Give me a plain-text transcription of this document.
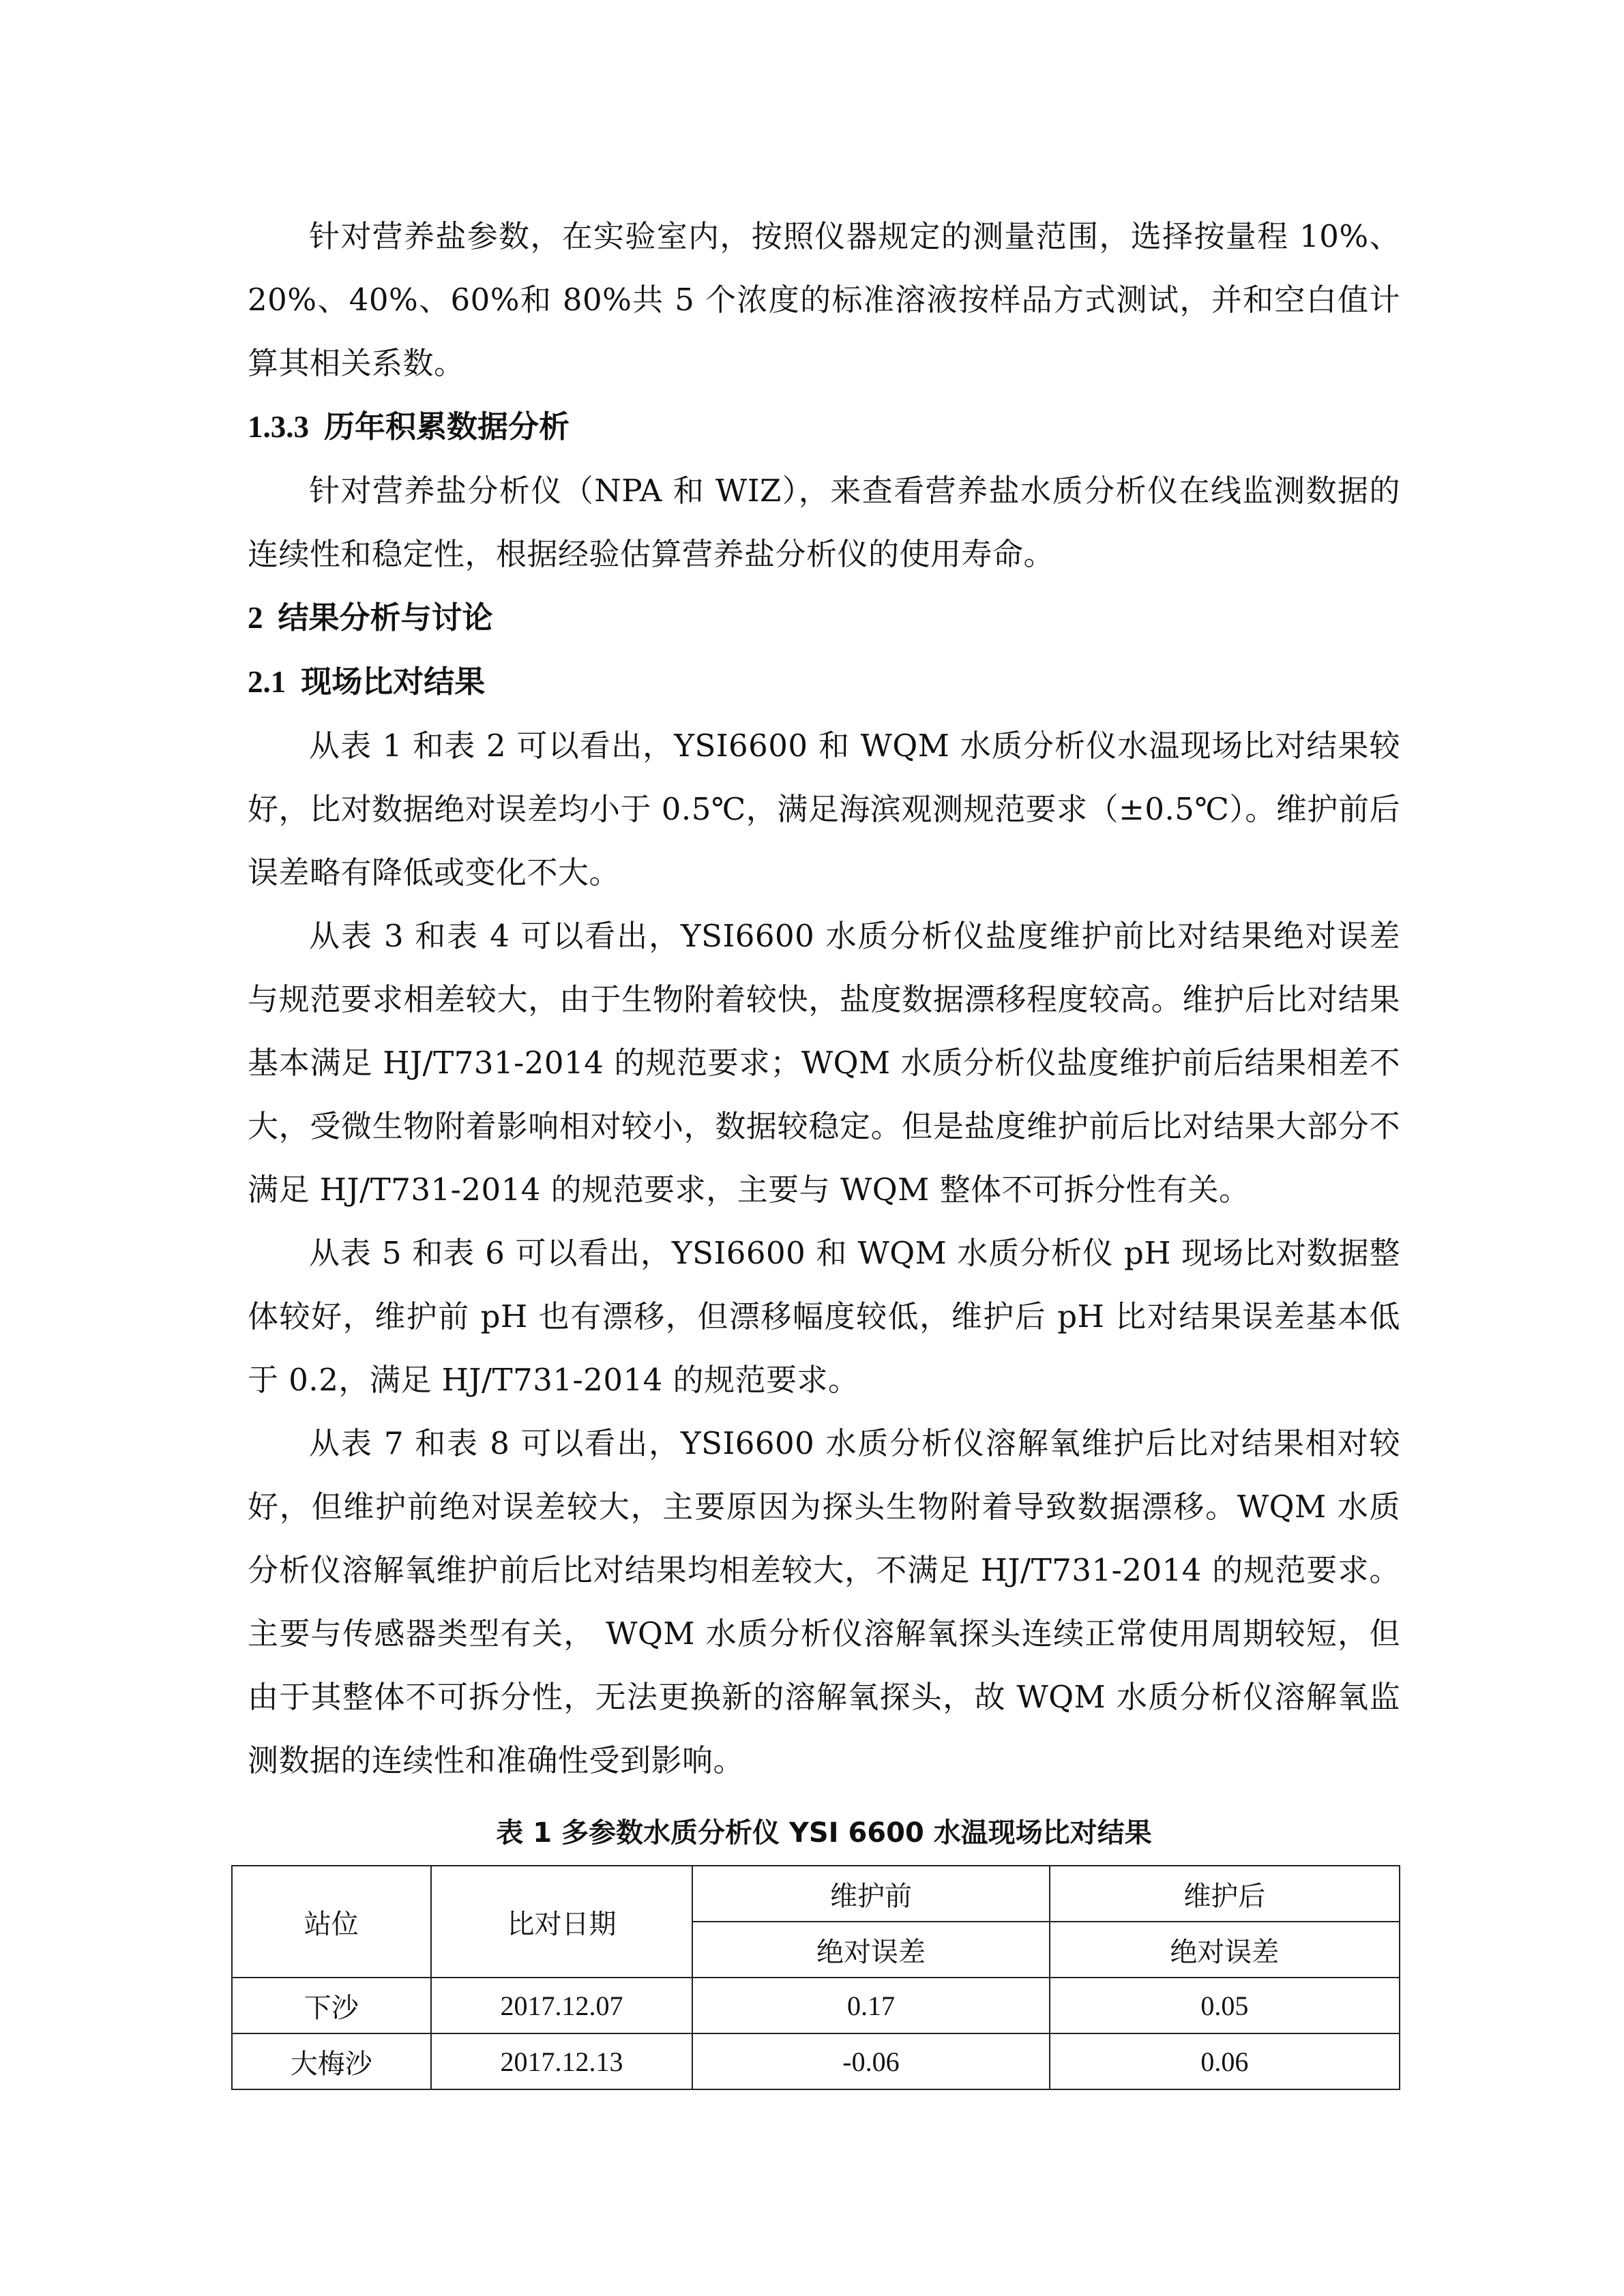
针对营养盐参数，在实验室内，按照仪器规定的测量范围，选择按量程 10%、20%、40%、60%和 80%共 5 个浓度的标准溶液按样品方式测试，并和空白值计算其相关系数。

1.3.3 历年积累数据分析

针对营养盐分析仪（NPA 和 WIZ），来查看营养盐水质分析仪在线监测数据的连续性和稳定性，根据经验估算营养盐分析仪的使用寿命。

2 结果分析与讨论
2.1 现场比对结果

从表 1 和表 2 可以看出，YSI6600 和 WQM 水质分析仪水温现场比对结果较好，比对数据绝对误差均小于 0.5℃，满足海滨观测规范要求（±0.5℃）。维护前后误差略有降低或变化不大。

从表 3 和表 4 可以看出，YSI6600 水质分析仪盐度维护前比对结果绝对误差与规范要求相差较大，由于生物附着较快，盐度数据漂移程度较高。维护后比对结果基本满足 HJ/T731-2014 的规范要求；WQM 水质分析仪盐度维护前后结果相差不大，受微生物附着影响相对较小，数据较稳定。但是盐度维护前后比对结果大部分不满足 HJ/T731-2014 的规范要求，主要与 WQM 整体不可拆分性有关。

从表 5 和表 6 可以看出，YSI6600 和 WQM 水质分析仪 pH 现场比对数据整体较好，维护前 pH 也有漂移，但漂移幅度较低，维护后 pH 比对结果误差基本低于 0.2，满足 HJ/T731-2014 的规范要求。

从表 7 和表 8 可以看出，YSI6600 水质分析仪溶解氧维护后比对结果相对较好，但维护前绝对误差较大，主要原因为探头生物附着导致数据漂移。WQM 水质分析仪溶解氧维护前后比对结果均相差较大，不满足 HJ/T731-2014 的规范要求。主要与传感器类型有关， WQM 水质分析仪溶解氧探头连续正常使用周期较短，但由于其整体不可拆分性，无法更换新的溶解氧探头，故 WQM 水质分析仪溶解氧监测数据的连续性和准确性受到影响。

表 1 多参数水质分析仪 YSI 6600 水温现场比对结果
站位	比对日期	维护前	维护后
		绝对误差	绝对误差
下沙	2017.12.07	0.17	0.05
大梅沙	2017.12.13	-0.06	0.06
